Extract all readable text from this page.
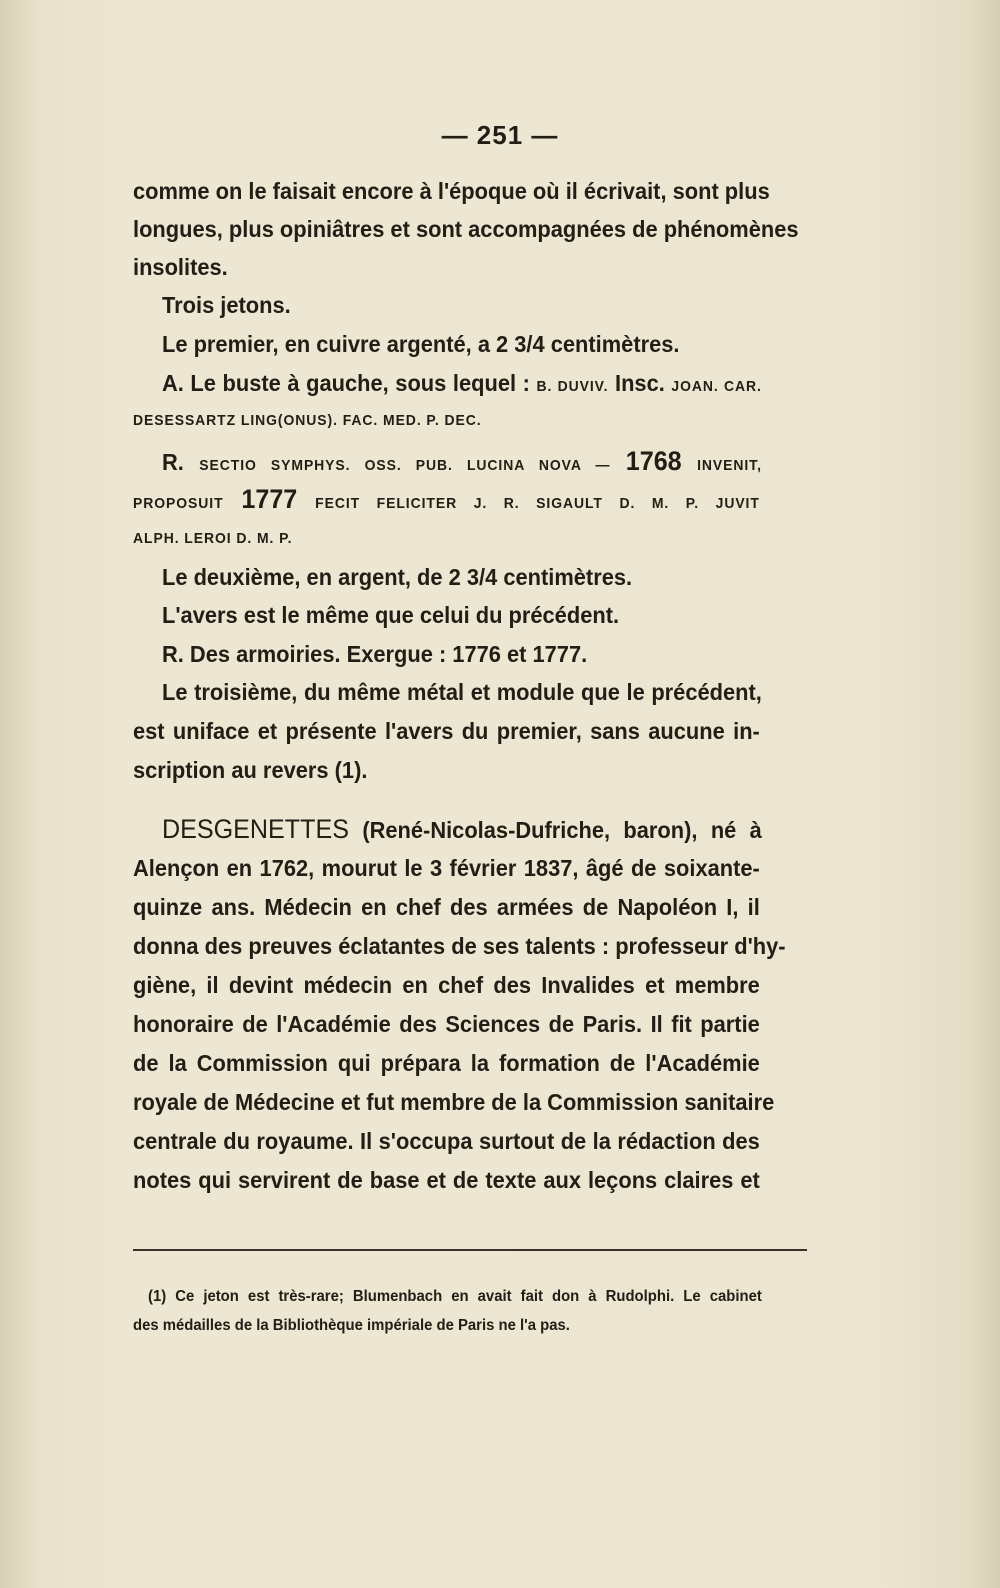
— 251 —
comme on le faisait encore à l'époque où il écrivait, sont plus
longues, plus opiniâtres et sont accompagnées de phénomènes
insolites.
Trois jetons.
Le premier, en cuivre argenté, a 2 3/4 centimètres.
A. Le buste à gauche, sous lequel : B. DUVIV. Insc. JOAN. CAR.
DESESSARTZ LING(ONUS). FAC. MED. P. DEC.
R. SECTIO SYMPHYS. OSS. PUB. LUCINA NOVA — 1768 INVENIT,
PROPOSUIT 1777 FECIT FELICITER J. R. SIGAULT D. M. P. JUVIT
ALPH. LEROI D. M. P.
Le deuxième, en argent, de 2 3/4 centimètres.
L'avers est le même que celui du précédent.
R. Des armoiries. Exergue : 1776 et 1777.
Le troisième, du même métal et module que le précédent,
est uniface et présente l'avers du premier, sans aucune in-
scription au revers (1).
DESGENETTES (René-Nicolas-Dufriche, baron), né à
Alençon en 1762, mourut le 3 février 1837, âgé de soixante-
quinze ans. Médecin en chef des armées de Napoléon I, il
donna des preuves éclatantes de ses talents : professeur d'hy-
giène, il devint médecin en chef des Invalides et membre
honoraire de l'Académie des Sciences de Paris. Il fit partie
de la Commission qui prépara la formation de l'Académie
royale de Médecine et fut membre de la Commission sanitaire
centrale du royaume. Il s'occupa surtout de la rédaction des
notes qui servirent de base et de texte aux leçons claires et
(1) Ce jeton est très-rare; Blumenbach en avait fait don à Rudolphi. Le cabinet
des médailles de la Bibliothèque impériale de Paris ne l'a pas.
